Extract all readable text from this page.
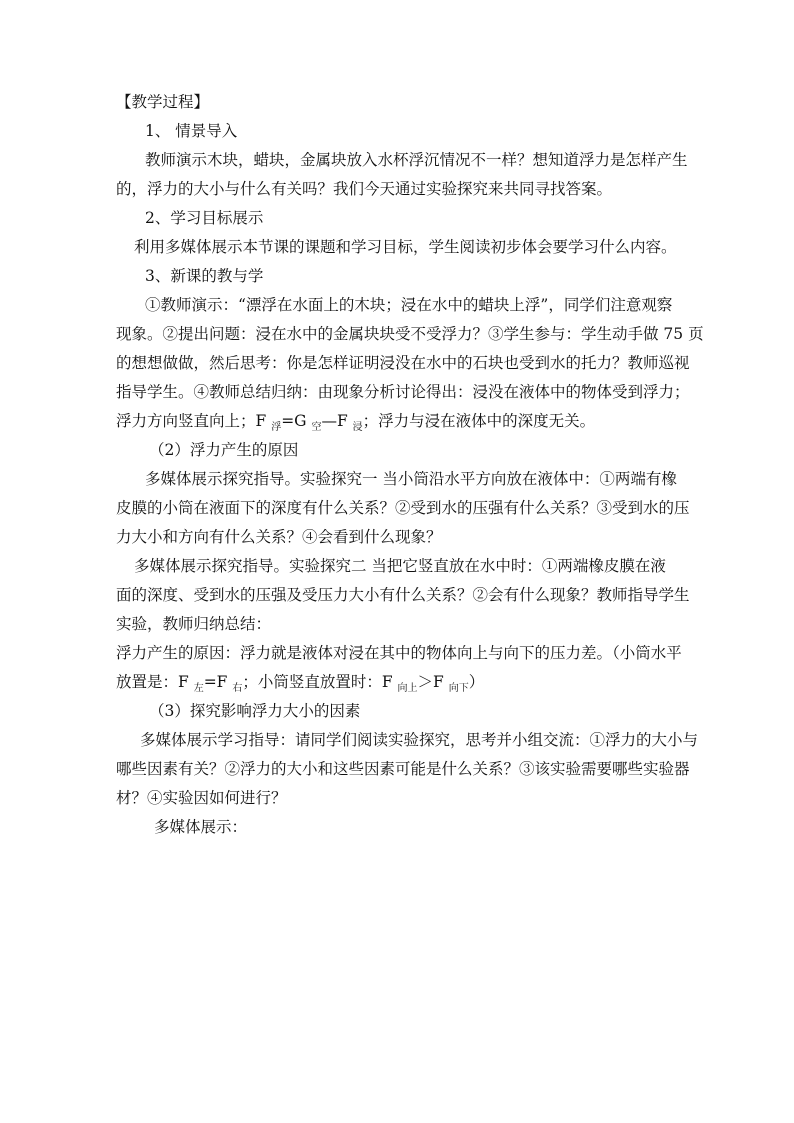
【教学过程】
1、 情景导入
教师演示木块，蜡块，金属块放入水杯浮沉情况不一样？想知道浮力是怎样产生
的，浮力的大小与什么有关吗？我们今天通过实验探究来共同寻找答案。
2、学习目标展示
利用多媒体展示本节课的课题和学习目标，学生阅读初步体会要学习什么内容。
3、新课的教与学
①教师演示：“漂浮在水面上的木块；浸在水中的蜡块上浮”，同学们注意观察
现象。②提出问题：浸在水中的金属块块受不受浮力？③学生参与：学生动手做 75 页
的想想做做，然后思考：你是怎样证明浸没在水中的石块也受到水的托力？教师巡视
指导学生。④教师总结归纳：由现象分析讨论得出：浸没在液体中的物体受到浮力；
浮力方向竖直向上；F $_浮$=G $_空$—F $_浸$；浮力与浸在液体中的深度无关。
（2）浮力产生的原因
多媒体展示探究指导。实验探究一 当小筒沿水平方向放在液体中：①两端有橡
皮膜的小筒在液面下的深度有什么关系？②受到水的压强有什么关系？③受到水的压
力大小和方向有什么关系？④会看到什么现象？
多媒体展示探究指导。实验探究二 当把它竖直放在水中时：①两端橡皮膜在液
面的深度、受到水的压强及受压力大小有什么关系？②会有什么现象？教师指导学生
实验，教师归纳总结：
浮力产生的原因：浮力就是液体对浸在其中的物体向上与向下的压力差。（小筒水平
放置是：F $_左$=F $_右$；小筒竖直放置时：F $_{向上}$＞F $_{向下}$）
（3）探究影响浮力大小的因素
多媒体展示学习指导：请同学们阅读实验探究，思考并小组交流：①浮力的大小与
哪些因素有关？②浮力的大小和这些因素可能是什么关系？③该实验需要哪些实验器
材？④实验因如何进行？
多媒体展示：
